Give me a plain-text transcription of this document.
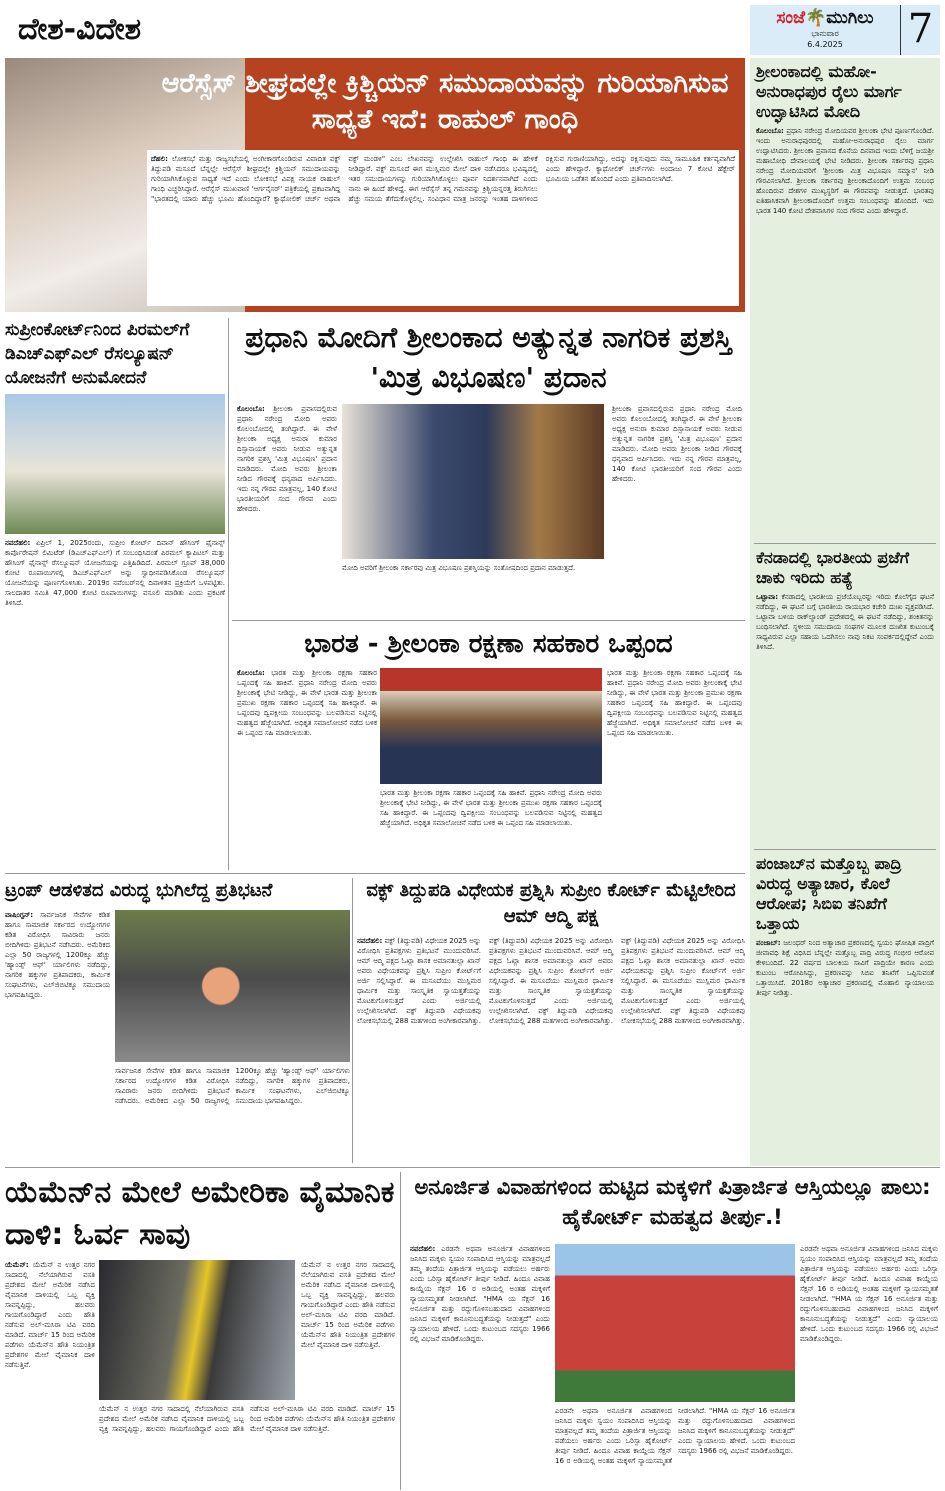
ದೇಶ-ವಿದೇಶ	ಸಂಜೆ🌴ಮುಗಿಲು
ಭಾನುವಾರ
6.4.2025	7
ಆರೆಸ್ಸೆಸ್ ಶೀಘ್ರದಲ್ಲೇ ಕ್ರಿಶ್ಚಿಯನ್ ಸಮುದಾಯವನ್ನು ಗುರಿಯಾಗಿಸುವ ಸಾಧ್ಯತೆ ಇದೆ: ರಾಹುಲ್ ಗಾಂಧಿ
ದೆಹಲಿ: ಲೋಕಸಭೆ ಮತ್ತು ರಾಜ್ಯಸಭೆಯಲ್ಲಿ ಅಂಗೀಕಾರಗೊಂಡಿರುವ ವಿವಾದಿತ ವಕ್ಫ್ ತಿದ್ದುಪಡಿ ಮಸೂದೆ ಬೆನ್ನಲ್ಲೇ ಆರೆಸ್ಸೆಸ್ ಶೀಘ್ರದಲ್ಲೇ ಕ್ರಿಶ್ಚಿಯನ್ ಸಮುದಾಯವನ್ನು ಗುರಿಯಾಗಿಸಿಕೊಳ್ಳುವ ಸಾಧ್ಯತೆ ಇದೆ ಎಂದು ಲೋಕಸಭೆ ವಿಪಕ್ಷ ನಾಯಕ ರಾಹುಲ್ ಗಾಂಧಿ ಎಚ್ಚರಿಸಿದ್ದಾರೆ. ಆರೆಸ್ಸೆಸ್ ಮುಖವಾಣಿ 'ಆರ್ಗನೈಸರ್' ಪತ್ರಿಕೆಯಲ್ಲಿ ಪ್ರಕಟವಾಗಿದ್ದ "ಭಾರತದಲ್ಲಿ ಯಾರು ಹೆಚ್ಚು ಭೂಮಿ ಹೊಂದಿದ್ದಾರೆ? ಕ್ಯಾಥೋಲಿಕ್ ಚರ್ಚ್ ಅಥವಾ ವಕ್ಫ್ ಮಂಡಳಿ" ಎಂಬ ಲೇಖನವನ್ನು ಉಲ್ಲೇಖಿಸಿ ರಾಹುಲ್ ಗಾಂಧಿ ಈ ಹೇಳಿಕೆ ನೀಡಿದ್ದಾರೆ. ವಕ್ಫ್ ಮಸೂದೆ ಈಗ ಮುಸ್ಲಿಮರ ಮೇಲೆ ದಾಳಿ ನಡೆಸಿದರೂ ಭವಿಷ್ಯದಲ್ಲಿ ಇತರ ಸಮುದಾಯಗಳನ್ನು ಗುರಿಯಾಗಿಸಿಕೊಳ್ಳಲು ಪೂರ್ವ ನಿದರ್ಶನವಾಗಿದೆ ಎಂದು ನಾನು ಈ ಹಿಂದೆ ಹೇಳಿದ್ದೆ. ಈಗ ಆರೆಸ್ಸೆಸ್ ತನ್ನ ಗಮನವನ್ನು ಕ್ರಿಶ್ಚಿಯನ್ನರತ್ತ ತಿರುಗಿಸಲು ಹೆಚ್ಚು ಸಮಯ ತೆಗೆದುಕೊಳ್ಳಲಿಲ್ಲ. ಸಂವಿಧಾನ ಮಾತ್ರ ಜನರನ್ನು ಇಂತಹ ದಾಳಿಗಳಿಂದ ರಕ್ಷಿಸುವ ಗುರಾಣಿಯಾಗಿದ್ದು, ಅದನ್ನು ರಕ್ಷಿಸುವುದು ನಮ್ಮ ಸಾಮೂಹಿಕ ಕರ್ತವ್ಯವಾಗಿದೆ ಎಂದು ಹೇಳಿದ್ದಾರೆ. ಕ್ಯಾಥೋಲಿಕ್ ಚರ್ಚ್‌ಗಳು ಅಂದಾಜು 7 ಕೋಟಿ ಹೆಕ್ಟೇರ್ ಭೂಮಿಯ ಒಡೆತನ ಹೊಂದಿದೆ ಎಂದು ಪ್ರತಿಪಾದಿಸಲಾಗಿದೆ.
ಶ್ರೀಲಂಕಾದಲ್ಲಿ ಮಹೋ-ಅನುರಾಧಪುರ ರೈಲು ಮಾರ್ಗ ಉದ್ಘಾಟಿಸಿದ ಮೋದಿ
ಕೊಲಂಬೊ: ಪ್ರಧಾನಿ ನರೇಂದ್ರ ಮೋದಿಯವರ ಶ್ರೀಲಂಕಾ ಭೇಟಿ ಪೂರ್ಣಗೊಂಡಿದೆ. ಇಂದು ಅನುರಾಧಪುರದಲ್ಲಿ ಮಹೋ-ಅನುರಾಧಪುರ ರೈಲು ಮಾರ್ಗ ಉದ್ಘಾಟಿಸಿದರು. ಶ್ರೀಲಂಕಾ ಪ್ರವಾಸದ ಕೊನೆಯ ದಿನವಾದ ಇಂದು ಬೆಳಿಗ್ಗೆ ಜಯಶ್ರೀ ಮಹಾಬೋಧಿ ದೇವಾಲಯಕ್ಕೆ ಭೇಟಿ ನೀಡಿದರು. ಶ್ರೀಲಂಕಾ ಸರ್ಕಾರವು ಪ್ರಧಾನಿ ನರೇಂದ್ರ ಮೋದಿಯವರಿಗೆ 'ಶ್ರೀಲಂಕಾ ಮಿತ್ರ ವಿಭೂಷಣ ಸಮ್ಮಾನ' ನೀಡಿ ಗೌರವಿಸಲಾಗಿದೆ. ಶ್ರೀಲಂಕಾ ಸರ್ಕಾರವು ಶ್ರೀಲಂಕಾದೊಂದಿಗೆ ಉತ್ತಮ ಸಂಬಂಧ ಹೊಂದಿರುವ ದೇಶಗಳ ಮುಖ್ಯಸ್ಥರಿಗೆ ಈ ಗೌರವವನ್ನು ನೀಡುತ್ತದೆ. ಭಾರತವು ಐತಿಹಾಸಿಕವಾಗಿ ಶ್ರೀಲಂಕಾದೊಂದಿಗೆ ಉತ್ತಮ ಸಂಬಂಧವನ್ನು ಹೊಂದಿದೆ. ಇದು ಭಾರತ 140 ಕೋಟಿ ದೇಶವಾಸಿಗಳ ಸಂದ ಗೌರವ ಎಂದು ಹೇಳಿದ್ದಾರೆ.
ಕೆನಡಾದಲ್ಲಿ ಭಾರತೀಯ ಪ್ರಜೆಗೆ ಚಾಕು ಇರಿದು ಹತ್ಯೆ
ಒಟ್ಟಾವಾ: ಕೆನಡಾದಲ್ಲಿ ಭಾರತೀಯ ಪ್ರಜೆಯೊಬ್ಬರನ್ನು ಇರಿದು ಕೊಲೆಗೈದ ಘಟನೆ ನಡೆದಿದ್ದು, ಈ ಘಟನೆ ಬಗ್ಗೆ ಭಾರತೀಯ ರಾಯಭಾರ ಕಚೇರಿ ದುಃಖ ವ್ಯಕ್ತಪಡಿಸಿದೆ. ಒಟ್ಟಾವಾ ಬಳಿಯ ರಾಕ್‌ಲ್ಯಾಂಡ್ ಪ್ರದೇಶದಲ್ಲಿ ಈ ಘಟನೆ ನಡೆದಿದ್ದು, ಶಂಕಿತನನ್ನು ಬಂಧಿಸಲಾಗಿದೆ. ಸ್ಥಳೀಯ ಸಮುದಾಯ ಸಂಘಗಳ ಮೂಲಕ ದುಃಖಿತ ಕುಟುಂಬಕ್ಕೆ ಸಾಧ್ಯವಿರುವ ಎಲ್ಲಾ ಸಹಾಯ ಒದಗಿಸಲು ನಾವು ನಿಕಟ ಸಂಪರ್ಕದಲ್ಲಿದ್ದೇವೆ ಎಂದು ತಿಳಿಸಿದೆ.
ಪಂಜಾಬ್‌ನ ಮತ್ತೊಬ್ಬ ಪಾದ್ರಿ ವಿರುದ್ಧ ಅತ್ಯಾಚಾರ, ಕೊಲೆ ಆರೋಪ; ಸಿಬಿಐ ತನಿಖೆಗೆ ಒತ್ತಾಯ
ಪಂಜಾಬ್: ಜಲಂಧರ್ ನಿಂದ ಅತ್ಯಾಚಾರ ಪ್ರಕರಣದಲ್ಲಿ ಸ್ವಯಂ ಘೋಷಿತ ಪಾದ್ರಿಗೆ ಜೀವಾವಧಿ ಶಿಕ್ಷೆ ವಿಧಿಸಿದ ಬೆನ್ನಲ್ಲೇ ಮತ್ತೊಬ್ಬ ಪಾದ್ರಿ ವಿರುದ್ಧ ಗಂಭೀರ ಆರೋಪ ಕೇಳಿಬಂದಿದೆ. 22 ವರ್ಷದ ಬಾಲಕಿಯ ಸಾವಿಗೆ ಪಾದ್ರಿಯೇ ಕಾರಣ ಎಂದು ಕುಟುಂಬ ಆರೋಪಿಸಿದ್ದು, ಪ್ರಕರಣವನ್ನು ಸಿಬಿಐ ತನಿಖೆಗೆ ಒಪ್ಪಿಸುವಂತೆ ಒತ್ತಾಯಿಸಿದೆ. 2018ರ ಅತ್ಯಾಚಾರ ಪ್ರಕರಣದಲ್ಲಿ ಮೊಹಾಲಿ ನ್ಯಾಯಾಲಯ ತೀರ್ಪು ನೀಡಿತ್ತು.
ಸುಪ್ರೀಂಕೋರ್ಟ್‌ನಿಂದ ಪಿರಮಲ್‌ಗೆ ಡಿಎಚ್‌ಎಫ್‌ಎಲ್ ರೆಸಲ್ಯೂಷನ್ ಯೋಜನೆಗೆ ಅನುಮೋದನೆ
ನವದೆಹಲಿ: ಏಪ್ರಿಲ್ 1, 2025ರಂದು, ಸುಪ್ರೀಂ ಕೋರ್ಟ್ ದಿವಾನ್ ಹೌಸಿಂಗ್ ಫೈನಾನ್ಸ್ ಕಾರ್ಪೊರೇಷನ್ ಲಿಮಿಟೆಡ್ (ಡಿಎಚ್‌ಎಫ್‌ಎಲ್) ಗೆ ಸಂಬಂಧಿಸಿದಂತೆ ಪಿರಮಲ್ ಕ್ಯಾಪಿಟಲ್ ಮತ್ತು ಹೌಸಿಂಗ್ ಫೈನಾನ್ಸ್ ರೆಸಲ್ಯೂಷನ್ ಯೋಜನೆಯನ್ನು ಎತ್ತಿಹಿಡಿದಿದೆ. ಪಿರಮಲ್ ಗ್ರೂಪ್ 38,000 ಕೋಟಿ ರೂಪಾಯಿಗಳಲ್ಲಿ ಡಿಎಚ್‌ಎಫ್‌ಎಲ್ ಅನ್ನು ಸ್ವಾಧೀನಪಡಿಸಿಕೊಂಡ ರೆಸಲ್ಯೂಷನ್ ಯೋಜನೆಯನ್ನು ಪೂರ್ಣಗೊಳಿಸಿತು. 2019ರ ನವೆಂಬರ್‌ನಲ್ಲಿ ದಿವಾಳಿತನ ಪ್ರಕ್ರಿಯೆಗೆ ಒಳಪಟ್ಟಿತು. ಸಾಲದಾತರ ಸಮಿತಿ 47,000 ಕೋಟಿ ರೂಪಾಯಿಗಳನ್ನು ವಸೂಲಿ ಮಾಡಿತು ಎಂದು ಪ್ರಕಟಣೆ ತಿಳಿಸಿದೆ.
ಪ್ರಧಾನಿ ಮೋದಿಗೆ ಶ್ರೀಲಂಕಾದ ಅತ್ಯುನ್ನತ ನಾಗರಿಕ ಪ್ರಶಸ್ತಿ 'ಮಿತ್ರ ವಿಭೂಷಣ' ಪ್ರದಾನ
ಕೊಲಂಬೊ: ಶ್ರೀಲಂಕಾ ಪ್ರವಾಸದಲ್ಲಿರುವ ಪ್ರಧಾನಿ ನರೇಂದ್ರ ಮೋದಿ ಅವರು ಕೊಲಂಬೋದಲ್ಲಿ ತಂಗಿದ್ದಾರೆ. ಈ ವೇಳೆ ಶ್ರೀಲಂಕಾ ಅಧ್ಯಕ್ಷ ಅನುರಾ ಕುಮಾರ ದಿಸ್ಸಾನಾಯಕೆ ಅವರು ನೀಡುವ ಅತ್ಯುನ್ನತ ನಾಗರಿಕ ಪ್ರಶಸ್ತಿ 'ಮಿತ್ರ ವಿಭೂಷಣ' ಪ್ರದಾನ ಮಾಡಿದರು. ಮೋದಿ ಅವರು ಶ್ರೀಲಂಕಾ ನೀಡಿದ ಗೌರವಕ್ಕೆ ಧನ್ಯವಾದ ಅರ್ಪಿಸಿದರು. ಇದು ನನ್ನ ಗೌರವ ಮಾತ್ರವಲ್ಲ, 140 ಕೋಟಿ ಭಾರತೀಯರಿಗೆ ಸಂದ ಗೌರವ ಎಂದು ಹೇಳಿದರು.
ಮೋದಿ ಅವರಿಗೆ ಶ್ರೀಲಂಕಾ ಸರ್ಕಾರವು ಮಿತ್ರ ವಿಭೂಷಣ ಪ್ರಶಸ್ತಿಯನ್ನು ಸಂತೋಷದಿಂದ ಪ್ರದಾನ ಮಾಡುತ್ತದೆ.
ಶ್ರೀಲಂಕಾ ಪ್ರವಾಸದಲ್ಲಿರುವ ಪ್ರಧಾನಿ ನರೇಂದ್ರ ಮೋದಿ ಅವರು ಕೊಲಂಬೋದಲ್ಲಿ ತಂಗಿದ್ದಾರೆ. ಈ ವೇಳೆ ಶ್ರೀಲಂಕಾ ಅಧ್ಯಕ್ಷ ಅನುರಾ ಕುಮಾರ ದಿಸ್ಸಾನಾಯಕೆ ಅವರು ನೀಡುವ ಅತ್ಯುನ್ನತ ನಾಗರಿಕ ಪ್ರಶಸ್ತಿ 'ಮಿತ್ರ ವಿಭೂಷಣ' ಪ್ರದಾನ ಮಾಡಿದರು. ಮೋದಿ ಅವರು ಶ್ರೀಲಂಕಾ ನೀಡಿದ ಗೌರವಕ್ಕೆ ಧನ್ಯವಾದ ಅರ್ಪಿಸಿದರು. ಇದು ನನ್ನ ಗೌರವ ಮಾತ್ರವಲ್ಲ, 140 ಕೋಟಿ ಭಾರತೀಯರಿಗೆ ಸಂದ ಗೌರವ ಎಂದು ಹೇಳಿದರು.
ಭಾರತ - ಶ್ರೀಲಂಕಾ ರಕ್ಷಣಾ ಸಹಕಾರ ಒಪ್ಪಂದ
ಕೊಲಂಬೊ: ಭಾರತ ಮತ್ತು ಶ್ರೀಲಂಕಾ ರಕ್ಷಣಾ ಸಹಕಾರ ಒಪ್ಪಂದಕ್ಕೆ ಸಹಿ ಹಾಕಿವೆ. ಪ್ರಧಾನಿ ನರೇಂದ್ರ ಮೋದಿ ಅವರು ಶ್ರೀಲಂಕಾಕ್ಕೆ ಭೇಟಿ ನೀಡಿದ್ದು, ಈ ವೇಳೆ ಭಾರತ ಮತ್ತು ಶ್ರೀಲಂಕಾ ಪ್ರಮುಖ ರಕ್ಷಣಾ ಸಹಕಾರ ಒಪ್ಪಂದಕ್ಕೆ ಸಹಿ ಹಾಕಿದ್ದಾರೆ. ಈ ಒಪ್ಪಂದವು ದ್ವಿಪಕ್ಷೀಯ ಸಂಬಂಧವನ್ನು ಬಲಪಡಿಸುವ ನಿಟ್ಟಿನಲ್ಲಿ ಮಹತ್ವದ ಹೆಜ್ಜೆಯಾಗಿದೆ. ಅಧಿಕೃತ ಸಮಾಲೋಚನೆ ನಡೆದ ಬಳಿಕ ಈ ಒಪ್ಪಂದ ಸಹಿ ಮಾಡಲಾಯಿತು.
ಭಾರತ ಮತ್ತು ಶ್ರೀಲಂಕಾ ರಕ್ಷಣಾ ಸಹಕಾರ ಒಪ್ಪಂದಕ್ಕೆ ಸಹಿ ಹಾಕಿವೆ. ಪ್ರಧಾನಿ ನರೇಂದ್ರ ಮೋದಿ ಅವರು ಶ್ರೀಲಂಕಾಕ್ಕೆ ಭೇಟಿ ನೀಡಿದ್ದು, ಈ ವೇಳೆ ಭಾರತ ಮತ್ತು ಶ್ರೀಲಂಕಾ ಪ್ರಮುಖ ರಕ್ಷಣಾ ಸಹಕಾರ ಒಪ್ಪಂದಕ್ಕೆ ಸಹಿ ಹಾಕಿದ್ದಾರೆ. ಈ ಒಪ್ಪಂದವು ದ್ವಿಪಕ್ಷೀಯ ಸಂಬಂಧವನ್ನು ಬಲಪಡಿಸುವ ನಿಟ್ಟಿನಲ್ಲಿ ಮಹತ್ವದ ಹೆಜ್ಜೆಯಾಗಿದೆ. ಅಧಿಕೃತ ಸಮಾಲೋಚನೆ ನಡೆದ ಬಳಿಕ ಈ ಒಪ್ಪಂದ ಸಹಿ ಮಾಡಲಾಯಿತು.
ಭಾರತ ಮತ್ತು ಶ್ರೀಲಂಕಾ ರಕ್ಷಣಾ ಸಹಕಾರ ಒಪ್ಪಂದಕ್ಕೆ ಸಹಿ ಹಾಕಿವೆ. ಪ್ರಧಾನಿ ನರೇಂದ್ರ ಮೋದಿ ಅವರು ಶ್ರೀಲಂಕಾಕ್ಕೆ ಭೇಟಿ ನೀಡಿದ್ದು, ಈ ವೇಳೆ ಭಾರತ ಮತ್ತು ಶ್ರೀಲಂಕಾ ಪ್ರಮುಖ ರಕ್ಷಣಾ ಸಹಕಾರ ಒಪ್ಪಂದಕ್ಕೆ ಸಹಿ ಹಾಕಿದ್ದಾರೆ. ಈ ಒಪ್ಪಂದವು ದ್ವಿಪಕ್ಷೀಯ ಸಂಬಂಧವನ್ನು ಬಲಪಡಿಸುವ ನಿಟ್ಟಿನಲ್ಲಿ ಮಹತ್ವದ ಹೆಜ್ಜೆಯಾಗಿದೆ. ಅಧಿಕೃತ ಸಮಾಲೋಚನೆ ನಡೆದ ಬಳಿಕ ಈ ಒಪ್ಪಂದ ಸಹಿ ಮಾಡಲಾಯಿತು.
ಟ್ರಂಪ್ ಆಡಳಿತದ ವಿರುದ್ಧ ಭುಗಿಲೆದ್ದ ಪ್ರತಿಭಟನೆ
ವಾಷಿಂಗ್ಟನ್: ಸಾರ್ವಜನಿಕ ಸೇವೆಗಳ ಕಡಿತ ಹಾಗೂ ಸಾಮಾಜಿಕ ಸರ್ಕಾರದ ಉದ್ಯೋಗಗಳ ಕಡಿತ ವಿರೋಧಿಸಿ ಸಾವಿರಾರು ಜನರು ಬೀದಿಗಿಳಿದು ಪ್ರತಿಭಟನೆ ನಡೆಸಿದರು. ಅಮೆರಿಕದ ಎಲ್ಲಾ 50 ರಾಜ್ಯಗಳಲ್ಲಿ 1200ಕ್ಕೂ ಹೆಚ್ಚು 'ಹ್ಯಾಂಡ್ಸ್ ಆಫ್' ರ್ಯಾಲಿಗಳು ನಡೆದಿದ್ದು, ನಾಗರಿಕ ಹಕ್ಕುಗಳ ಪ್ರತಿಪಾದಕರು, ಕಾರ್ಮಿಕ ಸಂಘಟನೆಗಳು, ಎಲ್‌ಜಿಬಿಟಿಕ್ಯೂ ಸಮುದಾಯ ಭಾಗವಹಿಸಿದ್ದರು.
ಸಾರ್ವಜನಿಕ ಸೇವೆಗಳ ಕಡಿತ ಹಾಗೂ ಸಾಮಾಜಿಕ ಸರ್ಕಾರದ ಉದ್ಯೋಗಗಳ ಕಡಿತ ವಿರೋಧಿಸಿ ಸಾವಿರಾರು ಜನರು ಬೀದಿಗಿಳಿದು ಪ್ರತಿಭಟನೆ ನಡೆಸಿದರು. ಅಮೆರಿಕದ ಎಲ್ಲಾ 50 ರಾಜ್ಯಗಳಲ್ಲಿ 1200ಕ್ಕೂ ಹೆಚ್ಚು 'ಹ್ಯಾಂಡ್ಸ್ ಆಫ್' ರ್ಯಾಲಿಗಳು ನಡೆದಿದ್ದು, ನಾಗರಿಕ ಹಕ್ಕುಗಳ ಪ್ರತಿಪಾದಕರು, ಕಾರ್ಮಿಕ ಸಂಘಟನೆಗಳು, ಎಲ್‌ಜಿಬಿಟಿಕ್ಯೂ ಸಮುದಾಯ ಭಾಗವಹಿಸಿದ್ದರು.
ವಕ್ಫ್ ತಿದ್ದುಪಡಿ ವಿಧೇಯಕ ಪ್ರಶ್ನಿಸಿ ಸುಪ್ರೀಂ ಕೋರ್ಟ್ ಮೆಟ್ಟಿಲೇರಿದ ಆಮ್ ಆದ್ಮಿ ಪಕ್ಷ
ನವದೆಹಲಿ: ವಕ್ಫ್ (ತಿದ್ದುಪಡಿ) ವಿಧೇಯಕ 2025 ಅನ್ನು ವಿರೋಧಿಸಿ ಪ್ರತಿಪಕ್ಷಗಳು ಪ್ರತಿಭಟನೆ ಮುಂದುವರಿಸಿವೆ. ಆಮ್ ಆದ್ಮಿ ಪಕ್ಷದ ಓಖ್ಲಾ ಶಾಸಕ ಅಮಾನತುಲ್ಲಾ ಖಾನ್ ಅವರು ವಿಧೇಯಕವನ್ನು ಪ್ರಶ್ನಿಸಿ ಸುಪ್ರೀಂ ಕೋರ್ಟ್‌ಗೆ ಅರ್ಜಿ ಸಲ್ಲಿಸಿದ್ದಾರೆ. ಈ ಮಸೂದೆಯು ಮುಸ್ಲಿಮರ ಧಾರ್ಮಿಕ ಮತ್ತು ಸಾಂಸ್ಕೃತಿಕ ಸ್ವಾಯತ್ತತೆಯನ್ನು ಮೊಟಕುಗೊಳಿಸುತ್ತದೆ ಎಂದು ಅರ್ಜಿಯಲ್ಲಿ ಉಲ್ಲೇಖಿಸಲಾಗಿದೆ. ವಕ್ಫ್ ತಿದ್ದುಪಡಿ ವಿಧೇಯಕವು ಲೋಕಸಭೆಯಲ್ಲಿ 288 ಮತಗಳಿಂದ ಅಂಗೀಕಾರವಾಗಿತ್ತು. ವಕ್ಫ್ (ತಿದ್ದುಪಡಿ) ವಿಧೇಯಕ 2025 ಅನ್ನು ವಿರೋಧಿಸಿ ಪ್ರತಿಪಕ್ಷಗಳು ಪ್ರತಿಭಟನೆ ಮುಂದುವರಿಸಿವೆ. ಆಮ್ ಆದ್ಮಿ ಪಕ್ಷದ ಓಖ್ಲಾ ಶಾಸಕ ಅಮಾನತುಲ್ಲಾ ಖಾನ್ ಅವರು ವಿಧೇಯಕವನ್ನು ಪ್ರಶ್ನಿಸಿ ಸುಪ್ರೀಂ ಕೋರ್ಟ್‌ಗೆ ಅರ್ಜಿ ಸಲ್ಲಿಸಿದ್ದಾರೆ. ಈ ಮಸೂದೆಯು ಮುಸ್ಲಿಮರ ಧಾರ್ಮಿಕ ಮತ್ತು ಸಾಂಸ್ಕೃತಿಕ ಸ್ವಾಯತ್ತತೆಯನ್ನು ಮೊಟಕುಗೊಳಿಸುತ್ತದೆ ಎಂದು ಅರ್ಜಿಯಲ್ಲಿ ಉಲ್ಲೇಖಿಸಲಾಗಿದೆ. ವಕ್ಫ್ ತಿದ್ದುಪಡಿ ವಿಧೇಯಕವು ಲೋಕಸಭೆಯಲ್ಲಿ 288 ಮತಗಳಿಂದ ಅಂಗೀಕಾರವಾಗಿತ್ತು. ವಕ್ಫ್ (ತಿದ್ದುಪಡಿ) ವಿಧೇಯಕ 2025 ಅನ್ನು ವಿರೋಧಿಸಿ ಪ್ರತಿಪಕ್ಷಗಳು ಪ್ರತಿಭಟನೆ ಮುಂದುವರಿಸಿವೆ. ಆಮ್ ಆದ್ಮಿ ಪಕ್ಷದ ಓಖ್ಲಾ ಶಾಸಕ ಅಮಾನತುಲ್ಲಾ ಖಾನ್ ಅವರು ವಿಧೇಯಕವನ್ನು ಪ್ರಶ್ನಿಸಿ ಸುಪ್ರೀಂ ಕೋರ್ಟ್‌ಗೆ ಅರ್ಜಿ ಸಲ್ಲಿಸಿದ್ದಾರೆ. ಈ ಮಸೂದೆಯು ಮುಸ್ಲಿಮರ ಧಾರ್ಮಿಕ ಮತ್ತು ಸಾಂಸ್ಕೃತಿಕ ಸ್ವಾಯತ್ತತೆಯನ್ನು ಮೊಟಕುಗೊಳಿಸುತ್ತದೆ ಎಂದು ಅರ್ಜಿಯಲ್ಲಿ ಉಲ್ಲೇಖಿಸಲಾಗಿದೆ. ವಕ್ಫ್ ತಿದ್ದುಪಡಿ ವಿಧೇಯಕವು ಲೋಕಸಭೆಯಲ್ಲಿ 288 ಮತಗಳಿಂದ ಅಂಗೀಕಾರವಾಗಿತ್ತು.
ಯೆಮೆನ್‌ನ ಮೇಲೆ ಅಮೇರಿಕಾ ವೈಮಾನಿಕ ದಾಳಿ: ಓರ್ವ ಸಾವು
ಯೆಮೆನ್: ಯೆಮೆನ್ ನ ಉತ್ತರ ನಗರ ಸಾದಾದಲ್ಲಿ ನೆಲೆಯಾಗಿರುವ ವಸತಿ ಪ್ರದೇಶದ ಮೇಲೆ ಅಮೆರಿಕ ನಡೆಸಿದ ವೈಮಾನಿಕ ದಾಳಿಯಲ್ಲಿ ಒಬ್ಬ ವ್ಯಕ್ತಿ ಸಾವನ್ನಪ್ಪಿದ್ದು, ಹಲವರು ಗಾಯಗೊಂಡಿದ್ದಾರೆ ಎಂದು ಹೌತಿ ನಡೆಸುವ ಅಲ್-ಮಸಿರಾ ಟಿವಿ ವರದಿ ಮಾಡಿದೆ. ಮಾರ್ಚ್ 15 ರಿಂದ ಅಮೆರಿಕ ಪಡೆಗಳು ಯೆಮೆನ್‌ನ ಹೌತಿ ನಿಯಂತ್ರಿತ ಪ್ರದೇಶಗಳ ಮೇಲೆ ವೈಮಾನಿಕ ದಾಳಿ ನಡೆಸುತ್ತಿವೆ.
ಯೆಮೆನ್ ನ ಉತ್ತರ ನಗರ ಸಾದಾದಲ್ಲಿ ನೆಲೆಯಾಗಿರುವ ವಸತಿ ಪ್ರದೇಶದ ಮೇಲೆ ಅಮೆರಿಕ ನಡೆಸಿದ ವೈಮಾನಿಕ ದಾಳಿಯಲ್ಲಿ ಒಬ್ಬ ವ್ಯಕ್ತಿ ಸಾವನ್ನಪ್ಪಿದ್ದು, ಹಲವರು ಗಾಯಗೊಂಡಿದ್ದಾರೆ ಎಂದು ಹೌತಿ ನಡೆಸುವ ಅಲ್-ಮಸಿರಾ ಟಿವಿ ವರದಿ ಮಾಡಿದೆ. ಮಾರ್ಚ್ 15 ರಿಂದ ಅಮೆರಿಕ ಪಡೆಗಳು ಯೆಮೆನ್‌ನ ಹೌತಿ ನಿಯಂತ್ರಿತ ಪ್ರದೇಶಗಳ ಮೇಲೆ ವೈಮಾನಿಕ ದಾಳಿ ನಡೆಸುತ್ತಿವೆ.
ಯೆಮೆನ್ ನ ಉತ್ತರ ನಗರ ಸಾದಾದಲ್ಲಿ ನೆಲೆಯಾಗಿರುವ ವಸತಿ ಪ್ರದೇಶದ ಮೇಲೆ ಅಮೆರಿಕ ನಡೆಸಿದ ವೈಮಾನಿಕ ದಾಳಿಯಲ್ಲಿ ಒಬ್ಬ ವ್ಯಕ್ತಿ ಸಾವನ್ನಪ್ಪಿದ್ದು, ಹಲವರು ಗಾಯಗೊಂಡಿದ್ದಾರೆ ಎಂದು ಹೌತಿ ನಡೆಸುವ ಅಲ್-ಮಸಿರಾ ಟಿವಿ ವರದಿ ಮಾಡಿದೆ. ಮಾರ್ಚ್ 15 ರಿಂದ ಅಮೆರಿಕ ಪಡೆಗಳು ಯೆಮೆನ್‌ನ ಹೌತಿ ನಿಯಂತ್ರಿತ ಪ್ರದೇಶಗಳ ಮೇಲೆ ವೈಮಾನಿಕ ದಾಳಿ ನಡೆಸುತ್ತಿವೆ.
ಅನೂರ್ಜಿತ ವಿವಾಹಗಳಿಂದ ಹುಟ್ಟಿದ ಮಕ್ಕಳಿಗೆ ಪಿತ್ರಾರ್ಜಿತ ಆಸ್ತಿಯಲ್ಲೂ ಪಾಲು: ಹೈಕೋರ್ಟ್ ಮಹತ್ವದ ತೀರ್ಪು.!
ನವದೆಹಲಿ: ಎರಡನೇ ಅಥವಾ ಅನೂರ್ಜಿತ ವಿವಾಹಗಳಿಂದ ಜನಿಸಿದ ಮಕ್ಕಳು ಸ್ವಯಂ ಸಂಪಾದಿಸಿದ ಆಸ್ತಿಯನ್ನು ಮಾತ್ರವಲ್ಲದೆ ತಮ್ಮ ತಂದೆಯ ಪಿತ್ರಾರ್ಜಿತ ಆಸ್ತಿಯನ್ನು ಪಡೆಯಲು ಅರ್ಹರು ಎಂದು ಒರಿಸ್ಸಾ ಹೈಕೋರ್ಟ್ ತೀರ್ಪು ನೀಡಿದೆ. ಹಿಂದೂ ವಿವಾಹ ಕಾಯ್ದೆಯ ಸೆಕ್ಷನ್ 16 ರ ಅಡಿಯಲ್ಲಿ ಅಂತಹ ಮಕ್ಕಳಿಗೆ ನ್ಯಾಯಸಮ್ಮತತೆ ನೀಡಲಾಗಿದೆ. "HMA ಯ ಸೆಕ್ಷನ್ 16 ಅನೂರ್ಜಿತ ಮತ್ತು ರದ್ದುಗೊಳಿಸಬಹುದಾದ ವಿವಾಹಗಳಿಂದ ಜನಿಸಿದ ಮಕ್ಕಳಿಗೆ ಕಾನೂನುಬದ್ಧತೆಯನ್ನು ನೀಡುತ್ತದೆ" ಎಂದು ನ್ಯಾಯಾಲಯ ಹೇಳಿದೆ. ಒಂದು ಕುಟುಂಬದ ಸದಸ್ಯರು 1966 ರಲ್ಲಿ ವಿಭಜನೆ ಮಾಡಿಕೊಂಡಿದ್ದರು.
ಎರಡನೇ ಅಥವಾ ಅನೂರ್ಜಿತ ವಿವಾಹಗಳಿಂದ ಜನಿಸಿದ ಮಕ್ಕಳು ಸ್ವಯಂ ಸಂಪಾದಿಸಿದ ಆಸ್ತಿಯನ್ನು ಮಾತ್ರವಲ್ಲದೆ ತಮ್ಮ ತಂದೆಯ ಪಿತ್ರಾರ್ಜಿತ ಆಸ್ತಿಯನ್ನು ಪಡೆಯಲು ಅರ್ಹರು ಎಂದು ಒರಿಸ್ಸಾ ಹೈಕೋರ್ಟ್ ತೀರ್ಪು ನೀಡಿದೆ. ಹಿಂದೂ ವಿವಾಹ ಕಾಯ್ದೆಯ ಸೆಕ್ಷನ್ 16 ರ ಅಡಿಯಲ್ಲಿ ಅಂತಹ ಮಕ್ಕಳಿಗೆ ನ್ಯಾಯಸಮ್ಮತತೆ ನೀಡಲಾಗಿದೆ. "HMA ಯ ಸೆಕ್ಷನ್ 16 ಅನೂರ್ಜಿತ ಮತ್ತು ರದ್ದುಗೊಳಿಸಬಹುದಾದ ವಿವಾಹಗಳಿಂದ ಜನಿಸಿದ ಮಕ್ಕಳಿಗೆ ಕಾನೂನುಬದ್ಧತೆಯನ್ನು ನೀಡುತ್ತದೆ" ಎಂದು ನ್ಯಾಯಾಲಯ ಹೇಳಿದೆ. ಒಂದು ಕುಟುಂಬದ ಸದಸ್ಯರು 1966 ರಲ್ಲಿ ವಿಭಜನೆ ಮಾಡಿಕೊಂಡಿದ್ದರು.
ಎರಡನೇ ಅಥವಾ ಅನೂರ್ಜಿತ ವಿವಾಹಗಳಿಂದ ಜನಿಸಿದ ಮಕ್ಕಳು ಸ್ವಯಂ ಸಂಪಾದಿಸಿದ ಆಸ್ತಿಯನ್ನು ಮಾತ್ರವಲ್ಲದೆ ತಮ್ಮ ತಂದೆಯ ಪಿತ್ರಾರ್ಜಿತ ಆಸ್ತಿಯನ್ನು ಪಡೆಯಲು ಅರ್ಹರು ಎಂದು ಒರಿಸ್ಸಾ ಹೈಕೋರ್ಟ್ ತೀರ್ಪು ನೀಡಿದೆ. ಹಿಂದೂ ವಿವಾಹ ಕಾಯ್ದೆಯ ಸೆಕ್ಷನ್ 16 ರ ಅಡಿಯಲ್ಲಿ ಅಂತಹ ಮಕ್ಕಳಿಗೆ ನ್ಯಾಯಸಮ್ಮತತೆ ನೀಡಲಾಗಿದೆ. "HMA ಯ ಸೆಕ್ಷನ್ 16 ಅನೂರ್ಜಿತ ಮತ್ತು ರದ್ದುಗೊಳಿಸಬಹುದಾದ ವಿವಾಹಗಳಿಂದ ಜನಿಸಿದ ಮಕ್ಕಳಿಗೆ ಕಾನೂನುಬದ್ಧತೆಯನ್ನು ನೀಡುತ್ತದೆ" ಎಂದು ನ್ಯಾಯಾಲಯ ಹೇಳಿದೆ. ಒಂದು ಕುಟುಂಬದ ಸದಸ್ಯರು 1966 ರಲ್ಲಿ ವಿಭಜನೆ ಮಾಡಿಕೊಂಡಿದ್ದರು.
